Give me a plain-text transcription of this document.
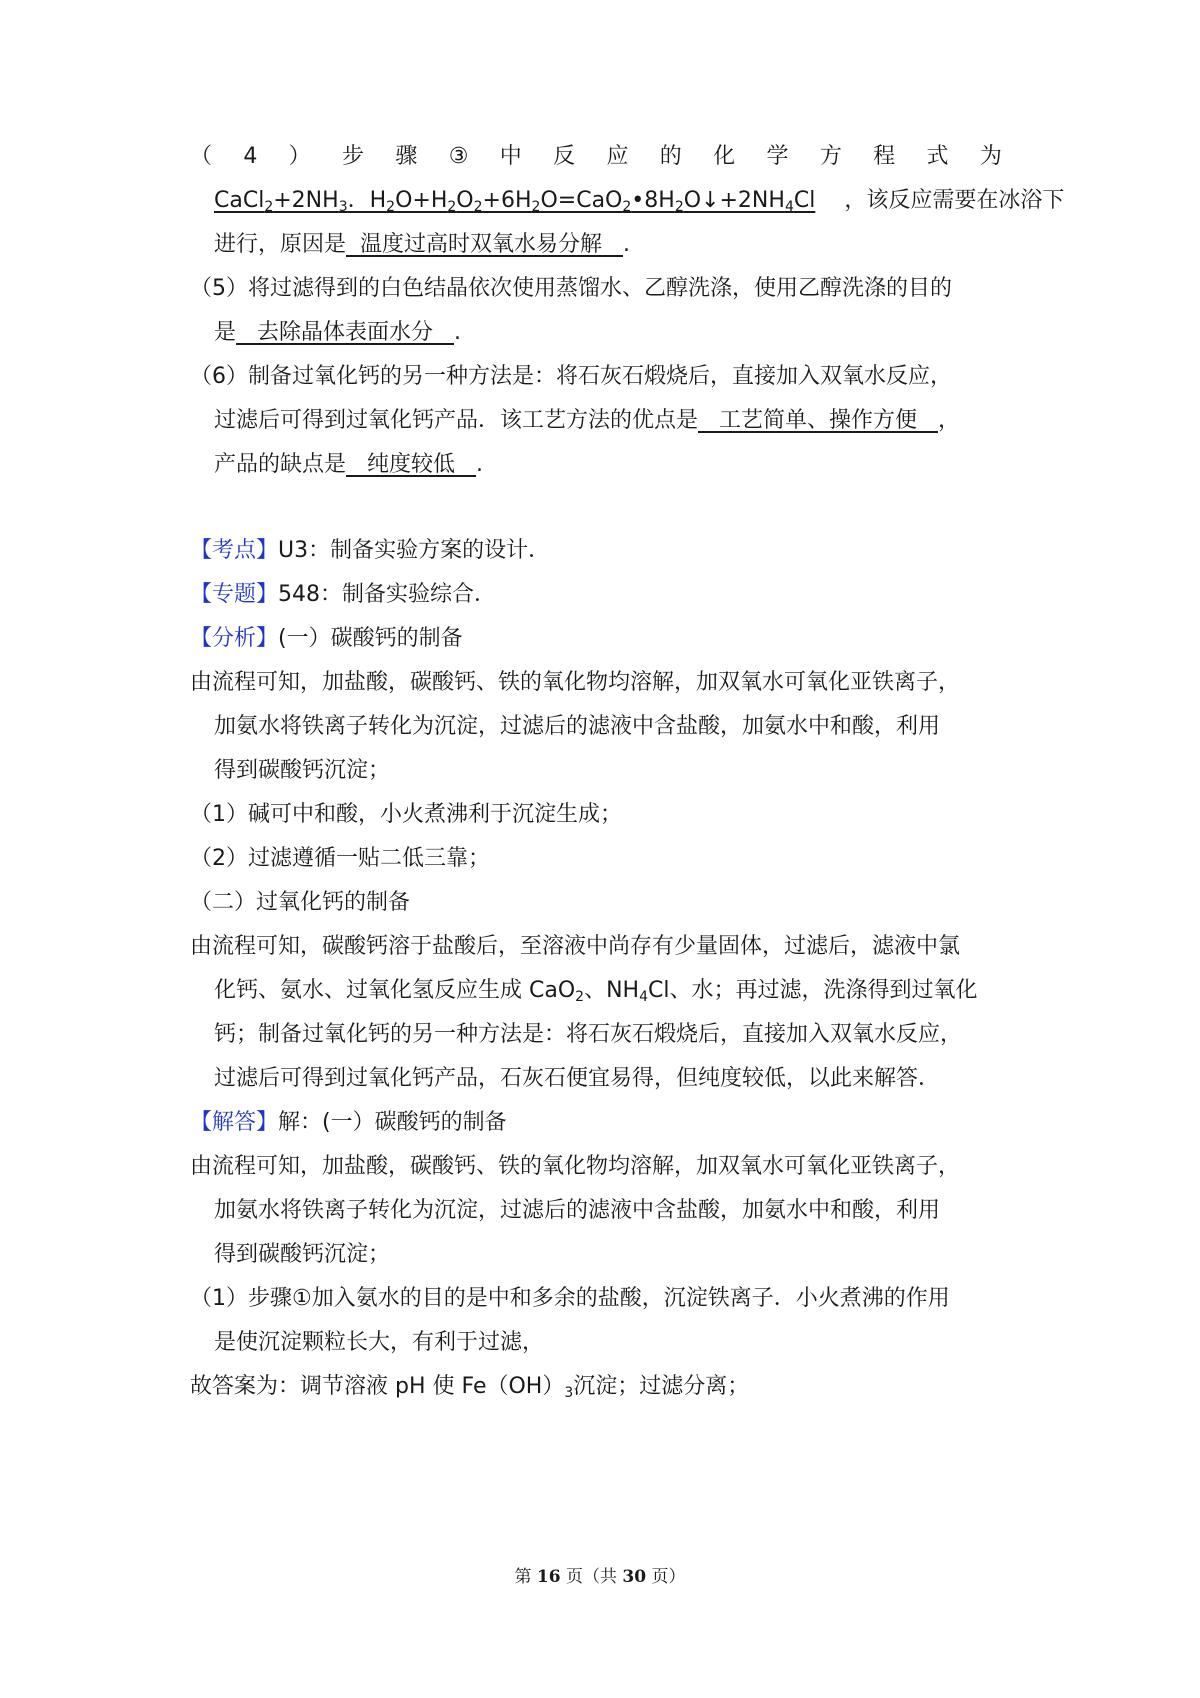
（ 4 ） 步 骤 ③ 中 反 应 的 化 学 方 程 式 为
$CaCl_2+2NH_3$．$H_2O+H_2O_2+6H_2O=CaO_2•8H_2O↓+2NH_4Cl$　 ，该反应需要在冰浴下
进行，原因是 温度过高时双氧水易分解 .
（5）将过滤得到的白色结晶依次使用蒸馏水、乙醇洗涤，使用乙醇洗涤的目的
是 去除晶体表面水分 .
（6）制备过氧化钙的另一种方法是：将石灰石煅烧后，直接加入双氧水反应，
过滤后可得到过氧化钙产品．该工艺方法的优点是 工艺简单、操作方便 ，
产品的缺点是 纯度较低 .
【考点】U3：制备实验方案的设计．
【专题】548：制备实验综合．
【分析】(一）碳酸钙的制备
由流程可知，加盐酸，碳酸钙、铁的氧化物均溶解，加双氧水可氧化亚铁离子，
加氨水将铁离子转化为沉淀，过滤后的滤液中含盐酸，加氨水中和酸，利用
得到碳酸钙沉淀；
（1）碱可中和酸，小火煮沸利于沉淀生成；
（2）过滤遵循一贴二低三靠；
（二）过氧化钙的制备
由流程可知，碳酸钙溶于盐酸后，至溶液中尚存有少量固体，过滤后，滤液中氯
化钙、氨水、过氧化氢反应生成 CaO$_2$、$NH_4Cl$、水；再过滤，洗涤得到过氧化
钙；制备过氧化钙的另一种方法是：将石灰石煅烧后，直接加入双氧水反应，
过滤后可得到过氧化钙产品，石灰石便宜易得，但纯度较低，以此来解答．
【解答】解：(一）碳酸钙的制备
由流程可知，加盐酸，碳酸钙、铁的氧化物均溶解，加双氧水可氧化亚铁离子，
加氨水将铁离子转化为沉淀，过滤后的滤液中含盐酸，加氨水中和酸，利用
得到碳酸钙沉淀；
（1）步骤①加入氨水的目的是中和多余的盐酸，沉淀铁离子．小火煮沸的作用
是使沉淀颗粒长大，有利于过滤，
故答案为：调节溶液 pH 使 $Fe(OH)_3$沉淀；过滤分离；
第 16 页（共 30 页）
